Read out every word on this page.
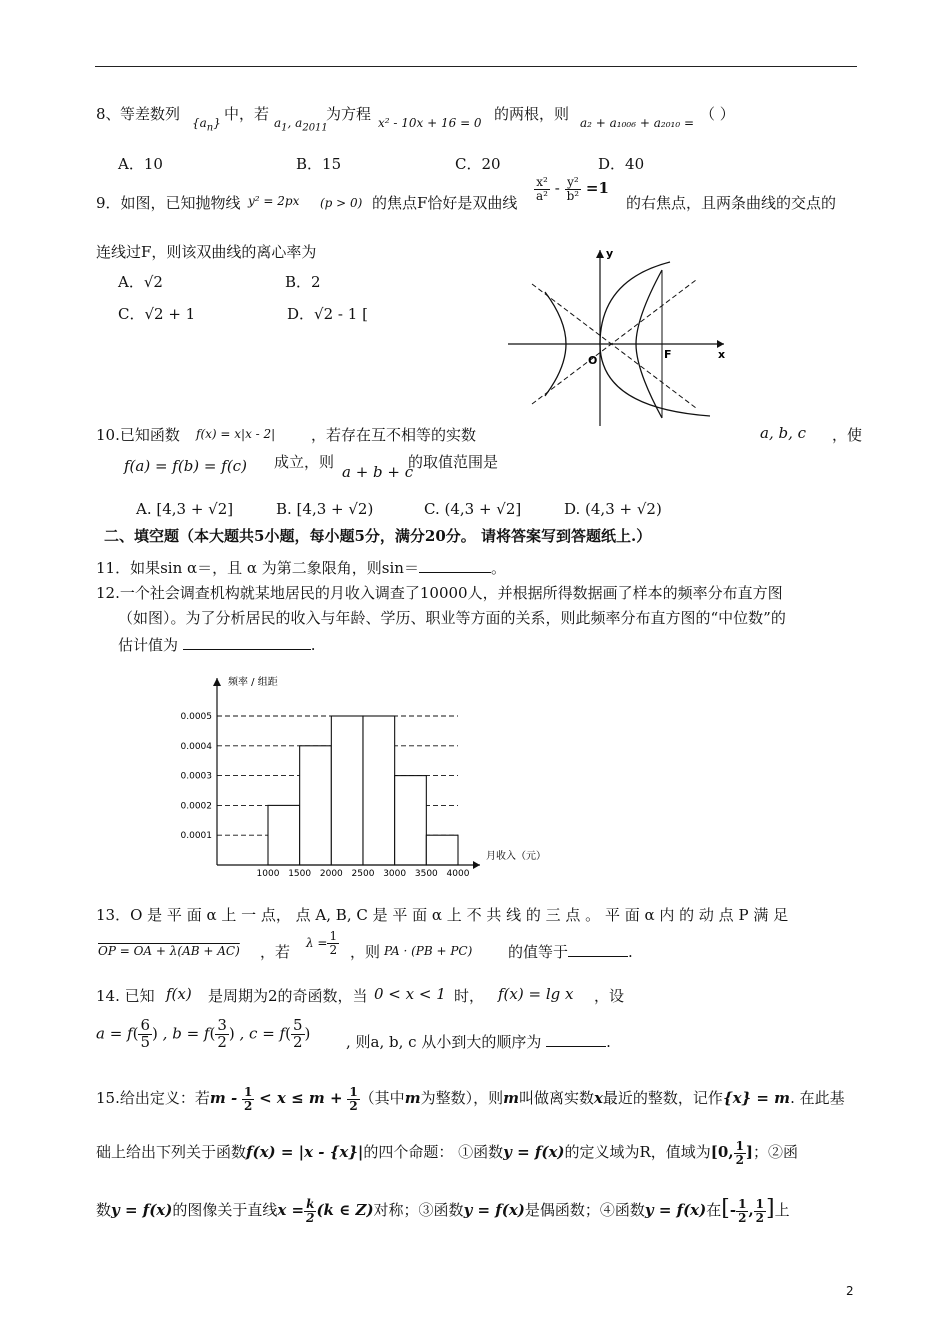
8、 等差数列 $\{a_n\}$ 中，若 $a_1$, $a_{2011}$
为方程 x² - 10x + 16 = 0 的两根，则 a₂ + a₁₀₀₆ + a₂₀₁₀ = （ ）
A．10	B．15	C．20	D．40
9．如图，已知抛物线 y² = 2px (p > 0) 的焦点F恰好是双曲线
$\frac{\text{x²}}{\text{a²}} - \frac{\text{y²}}{\text{b²}} =1$
的右焦点，且两条曲线的交点的
连线过F，则该双曲线的离心率为
A．√2	B．2
C．√2 + 1	D．√2 - 1 [
y
x
O	F
10.已知函数 f(x) = x|x - 2| ，若存在互不相等的实数	a, b, c ，使
f(a) = f(b) = f(c) 成立，则
a + b + c
的取值范围是
A. [4,3 + √2]	B. [4,3 + √2)	C. (4,3 + √2]	D. (4,3 + √2)
二、填空题（本大题共5小题，每小题5分，满分20分。 请将答案写到答题纸上.）
11．如果sin α＝，且 α 为第二象限角，则sin＝	。
12.一个社会调查机构就某地居民的月收入调查了10000人，并根据所得数据画了样本的频率分布直方图
（如图）。为了分析居民的收入与年龄、学历、职业等方面的关系，则此频率分布直方图的“中位数”的
估计值为	.
0.0001
0.0002
0.0003
0.0004
0.0005
1000 1500 2000 2500 3000 3500 4000
频率 / 组距
月收入（元）
13．O 是 平 面 α 上 一 点， 点 A, B, C 是 平 面 α 上 不 共 线 的 三 点 。 平 面 α 内 的 动 点 P 满 足
OP = OA + λ(AB + AC) ，若 $\lambda = \frac{1}{2}$ ，则 PA · (PB + PC) 的值等于	.
14. 已知 f(x) 是周期为2的奇函数，当 0 < x < 1 时， f(x) = lg x ，设
$a = f( \frac{6}{5}$ ) , $b = f( \frac{3}{2}$ ) , $c = f( \frac{5}{2}$ ) , 则a, b, c 从小到大的顺序为	.
15.给出定义：若$m - \frac{1}{2} < x \le m + \frac{1}{2}$ （其中m为整数），则m叫做离实数x最近的整数，记作{x} = m. 在此基
础上给出下列关于函数f(x) = |x - {x}|的四个命题： ①函数y = f(x)的定义域为R，值域为[0, $\frac{1}{2}$ ]；②函
数y = f(x)的图像关于直线$x = \frac{k}{2} (k$ ∈ Z)对称；③函数y = f(x)是偶函数；④函数y = f(x)在[- $\frac{1}{2}$ , $\frac{1}{2}$ ]上
2
